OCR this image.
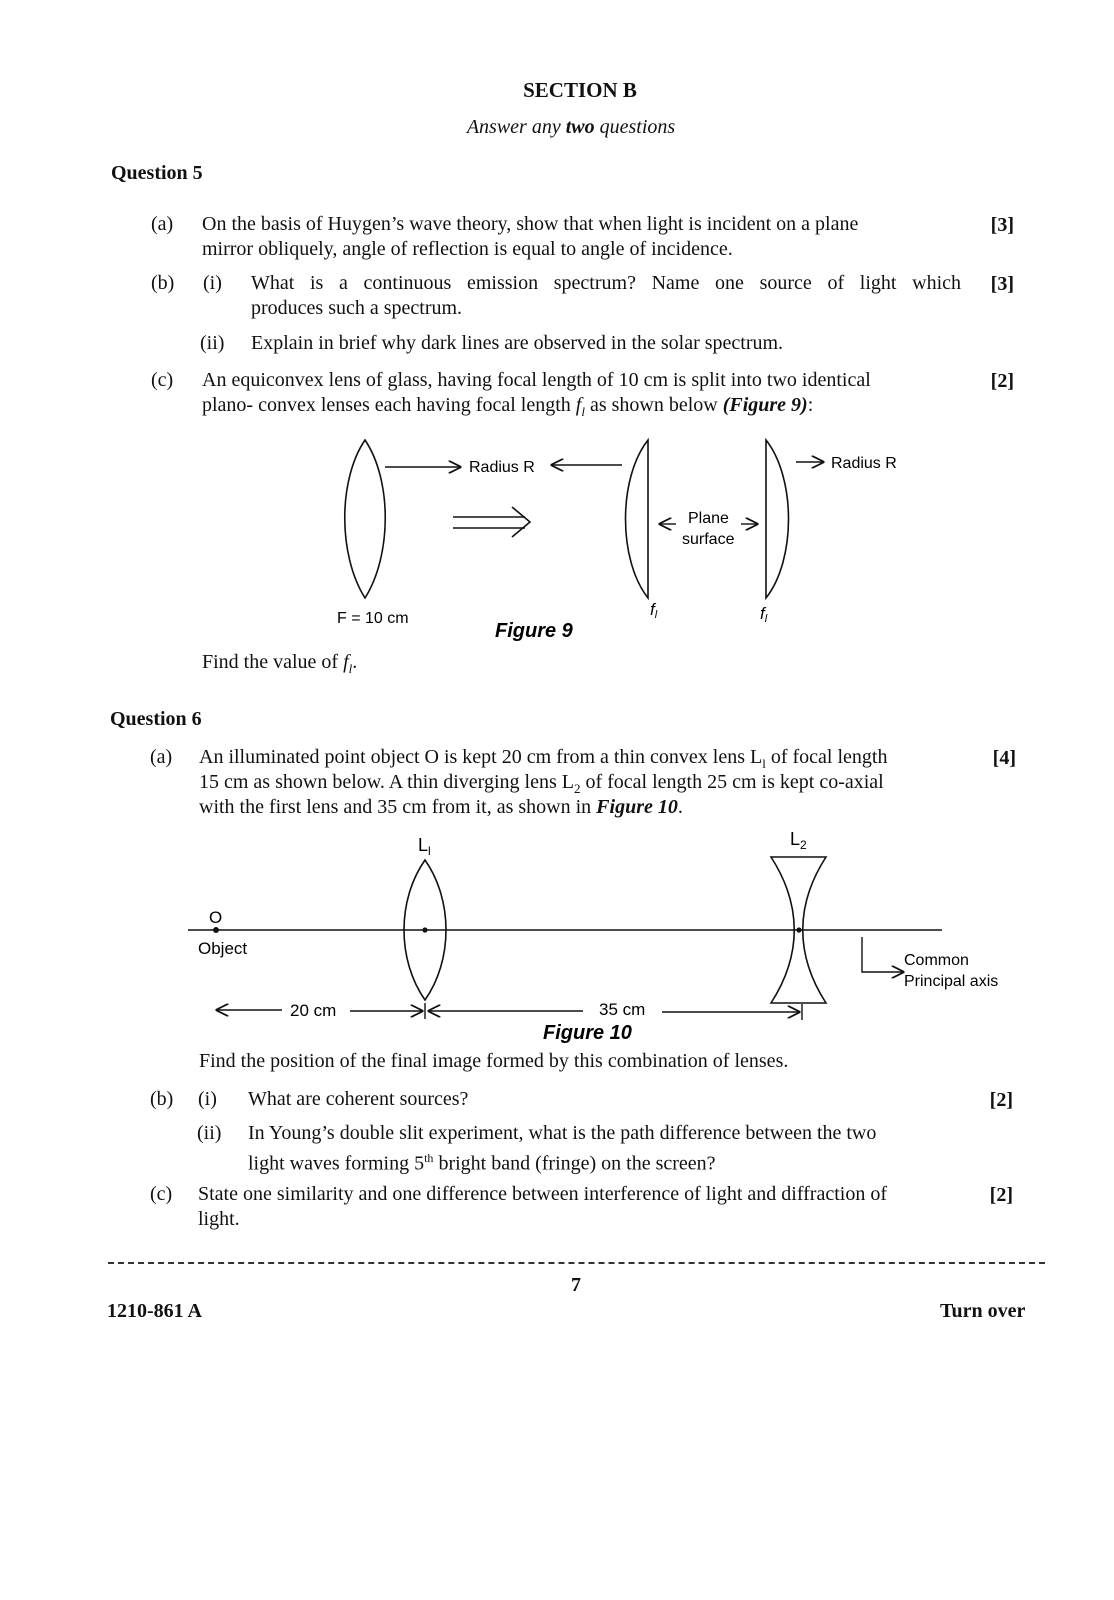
SECTION B
Answer any two questions
Question 5
(a) On the basis of Huygen’s wave theory, show that when light is incident on a plane
mirror obliquely, angle of reflection is equal to angle of incidence.
[3]
(b) (i) What is a continuous emission spectrum? Name one source of light which
produces such a spectrum.
[3]
(ii) Explain in brief why dark lines are observed in the solar spectrum.
(c) An equiconvex lens of glass, having focal length of 10 cm is split into two identical
plano- convex lenses each having focal length $f_l$ as shown below (Figure 9):
[2]
Radius R	Radius R
Plane
surface
F = 10 cm	fl	fl
Figure 9
O
Object
$L_l$
$L_2$
Common
Principal axis
20 cm	35 cm
Figure 10
Find the value of $f_l$.
Question 6
(a) An illuminated point object O is kept 20 cm from a thin convex lens $L_l$ of focal length
15 cm as shown below. A thin diverging lens $L_2$ of focal length 25 cm is kept co-axial
with the first lens and 35 cm from it, as shown in Figure 10.
[4]
Find the position of the final image formed by this combination of lenses.
(b) (i) What are coherent sources?	[2]
(ii) In Young’s double slit experiment, what is the path difference between the two
light waves forming 5th bright band (fringe) on the screen?
(c) State one similarity and one difference between interference of light and diffraction of
light.
[2]
7
1210-861 A	Turn over
